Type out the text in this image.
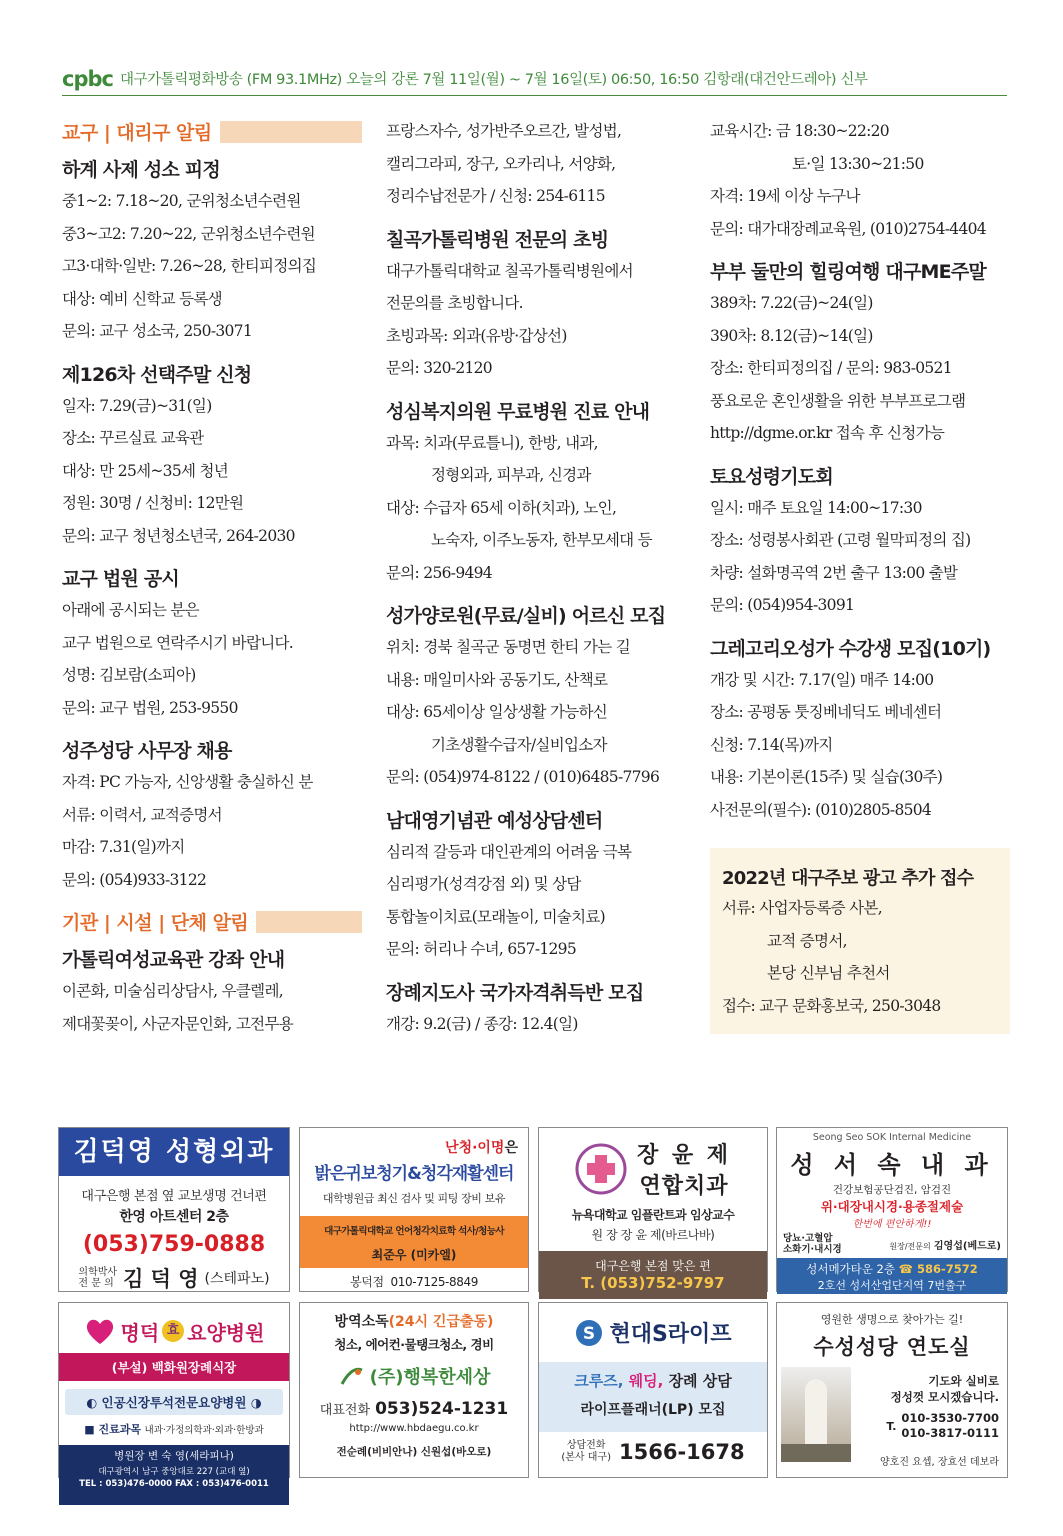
cpbc 대구가톨릭평화방송 (FM 93.1MHz) 오늘의 강론 7월 11일(월) ~ 7월 16일(토) 06:50, 16:50 김항래(대건안드레아) 신부
교구 | 대리구 알림
하계 사제 성소 피정

중1~2: 7.18~20, 군위청소년수련원

중3~고2: 7.20~22, 군위청소년수련원

고3·대학·일반: 7.26~28, 한티피정의집

대상: 예비 신학교 등록생

문의: 교구 성소국, 250-3071

제126차 선택주말 신청

일자: 7.29(금)~31(일)

장소: 꾸르실료 교육관

대상: 만 25세~35세 청년

정원: 30명 / 신청비: 12만원

문의: 교구 청년청소년국, 264-2030

교구 법원 공시

아래에 공시되는 분은

교구 법원으로 연락주시기 바랍니다.

성명: 김보람(소피아)

문의: 교구 법원, 253-9550

성주성당 사무장 채용

자격: PC 가능자, 신앙생활 충실하신 분

서류: 이력서, 교적증명서

마감: 7.31(일)까지

문의: (054)933-3122

기관 | 시설 | 단체 알림
가톨릭여성교육관 강좌 안내

이콘화, 미술심리상담사, 우클렐레,

제대꽃꽂이, 사군자문인화, 고전무용

프랑스자수, 성가반주오르간, 발성법,

캘리그라피, 장구, 오카리나, 서양화,

정리수납전문가 / 신청: 254-6115

칠곡가톨릭병원 전문의 초빙

대구가톨릭대학교 칠곡가톨릭병원에서

전문의를 초빙합니다.

초빙과목: 외과(유방·갑상선)

문의: 320-2120

성심복지의원 무료병원 진료 안내

과목: 치과(무료틀니), 한방, 내과,

정형외과, 피부과, 신경과

대상: 수급자 65세 이하(치과), 노인,

노숙자, 이주노동자, 한부모세대 등

문의: 256-9494

성가양로원(무료/실비) 어르신 모집

위치: 경북 칠곡군 동명면 한티 가는 길

내용: 매일미사와 공동기도, 산책로

대상: 65세이상 일상생활 가능하신

기초생활수급자/실비입소자

문의: (054)974-8122 / (010)6485-7796

남대영기념관 예성상담센터

심리적 갈등과 대인관계의 어려움 극복

심리평가(성격강점 외) 및 상담

통합놀이치료(모래놀이, 미술치료)

문의: 허리나 수녀, 657-1295

장례지도사 국가자격취득반 모집

개강: 9.2(금) / 종강: 12.4(일)

교육시간: 금 18:30~22:20

토·일 13:30~21:50

자격: 19세 이상 누구나

문의: 대가대장례교육원, (010)2754-4404

부부 둘만의 힐링여행 대구ME주말

389차: 7.22(금)~24(일)

390차: 8.12(금)~14(일)

장소: 한티피정의집 / 문의: 983-0521

풍요로운 혼인생활을 위한 부부프로그램

http://dgme.or.kr 접속 후 신청가능

토요성령기도회

일시: 매주 토요일 14:00~17:30

장소: 성령봉사회관 (고령 월막피정의 집)

차량: 설화명곡역 2번 출구 13:00 출발

문의: (054)954-3091

그레고리오성가 수강생 모집(10기)

개강 및 시간: 7.17(일) 매주 14:00

장소: 공평동 툿징베네딕도 베네센터

신청: 7.14(목)까지

내용: 기본이론(15주) 및 실습(30주)

사전문의(필수): (010)2805-8504

2022년 대구주보 광고 추가 접수

서류: 사업자등록증 사본,

교적 증명서,

본당 신부님 추천서

접수: 교구 문화홍보국, 250-3048

김덕영 성형외과
대구은행 본점 옆 교보생명 건너편
한영 아트센터 2층
(053)759-0888
의학박사
전 문 의 김 덕 영 (스테파노)
난청·이명은
밝은귀보청기&청각재활센터
대학병원급 최신 검사 및 피팅 장비 보유
대구가톨릭대학교 언어청각치료학 석사/청능사
최준우 (미카엘)
봉덕점 010-7125-8849
장 윤 제
연합치과
뉴욕대학교 임플란트과 임상교수
원 장 장 윤 제(바르나바)
대구은행 본점 맞은 편
T. (053)752-9797
Seong Seo SOK Internal Medicine
성 서 속 내 과
건강보험공단검진, 암검진
위·대장내시경·용종절제술
한번에 편안하게!!
당뇨·고혈압
소화기·내시경	원장/전문의 김영섭(베드로)
성서메가타운 2층 ☎ 586-7572
2호선 성서산업단지역 7번출구
명덕 효 요양병원
(부설) 백화원장례식장
◐ 인공신장투석전문요양병원 ◑
■ 진료과목 내과·가정의학과·외과·한방과
병원장 변 숙 영(세라피나)
대구광역시 남구 중앙대로 227 (교대 옆)
TEL : 053)476-0000 FAX : 053)476-0011
방역소독(24시 긴급출동)
청소, 에어컨·물탱크청소, 경비
(주)행복한세상
대표전화 053)524-1231
http://www.hbdaegu.co.kr
전순례(비비안나) 신원섭(바오로)
S 현대S라이프
크루즈, 웨딩, 장례 상담
라이프플래너(LP) 모집
상담전화
(본사 대구) 1566-1678
영원한 생명으로 찾아가는 길!
수성성당 연도실
기도와 실비로
정성껏 모시겠습니다.
T.
010-3530-7700
010-3817-0111
양호진 요셉, 장효선 데보라
